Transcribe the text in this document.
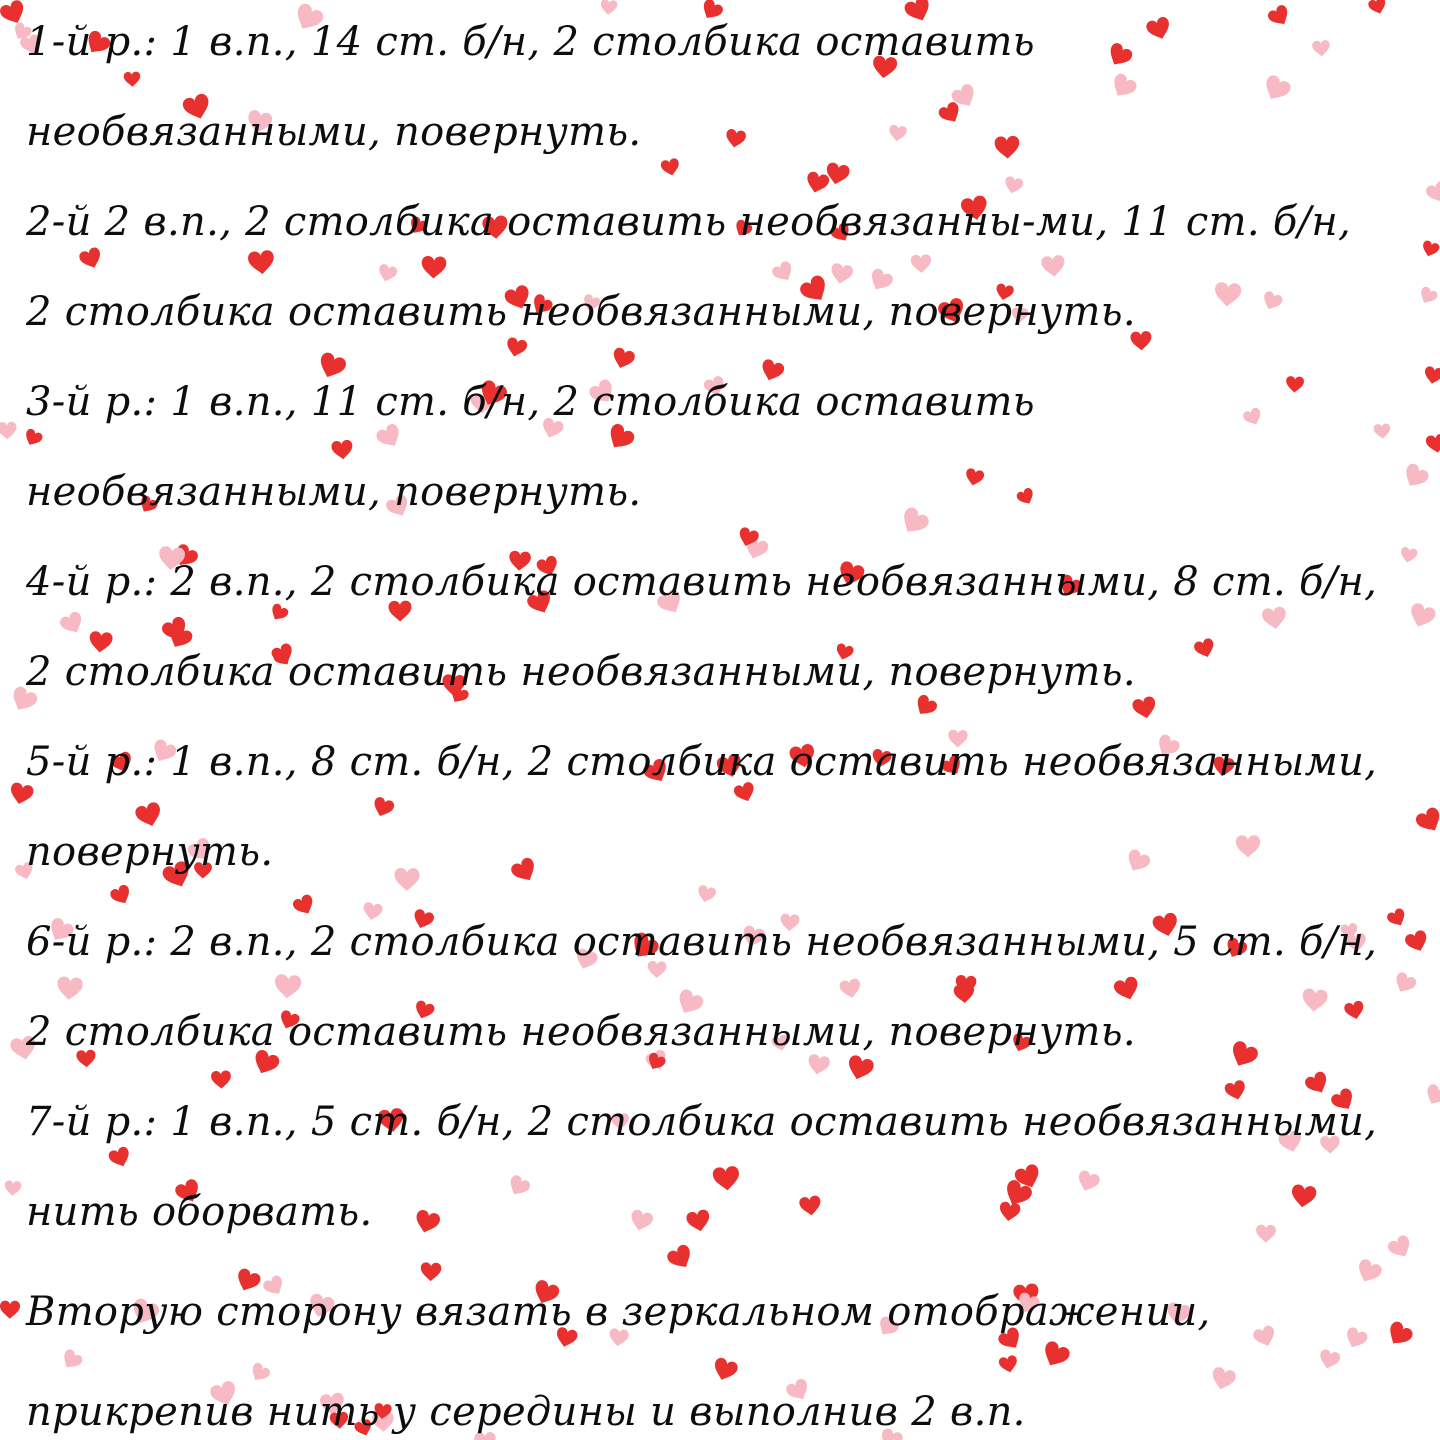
1-й р.: 1 в.п., 14 ст. б/н, 2 столбика оставить
необвязанными, повернуть.
2-й 2 в.п., 2 столбика оставить необвязанны-ми, 11 ст. б/н,
2 столбика оставить необвязанными, повернуть.
3-й р.: 1 в.п., 11 ст. б/н, 2 столбика оставить
необвязанными, повернуть.
4-й р.: 2 в.п., 2 столбика оставить необвязанными, 8 ст. б/н,
2 столбика оставить необвязанными, повернуть.
5-й р.: 1 в.п., 8 ст. б/н, 2 столбика оставить необвязанными,
повернуть.
6-й р.: 2 в.п., 2 столбика оставить необвязанными, 5 ст. б/н,
2 столбика оставить необвязанными, повернуть.
7-й р.: 1 в.п., 5 ст. б/н, 2 столбика оставить необвязанными,
нить оборвать.
Вторую сторону вязать в зеркальном отображении,
прикрепив нить у середины и выполнив 2 в.п.
